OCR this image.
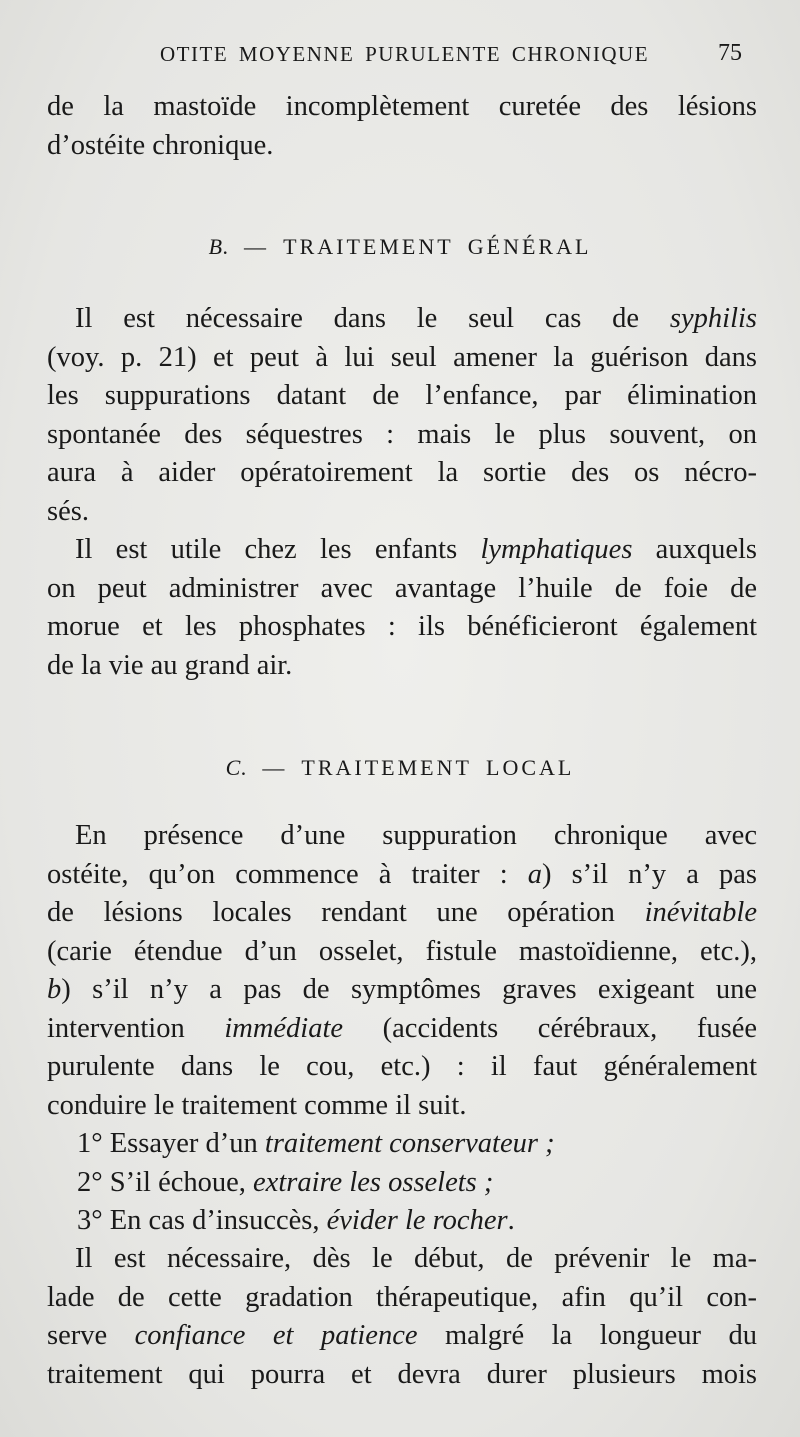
OTITE MOYENNE PURULENTE CHRONIQUE	75

de la mastoïde incomplètement curetée des lésions
d’ostéite chronique.

B. — TRAITEMENT GÉNÉRAL

Il est nécessaire dans le seul cas de syphilis
(voy. p. 21) et peut à lui seul amener la guérison dans
les suppurations datant de l’enfance, par élimination
spontanée des séquestres : mais le plus souvent, on
aura à aider opératoirement la sortie des os nécro-
sés.

Il est utile chez les enfants lymphatiques auxquels
on peut administrer avec avantage l’huile de foie de
morue et les phosphates : ils bénéficieront également
de la vie au grand air.

C. — TRAITEMENT LOCAL

En présence d’une suppuration chronique avec
ostéite, qu’on commence à traiter : a) s’il n’y a pas
de lésions locales rendant une opération inévitable
(carie étendue d’un osselet, fistule mastoïdienne, etc.),
b) s’il n’y a pas de symptômes graves exigeant une
intervention immédiate (accidents cérébraux, fusée
purulente dans le cou, etc.) : il faut généralement
conduire le traitement comme il suit.

1° Essayer d’un traitement conservateur ;
2° S’il échoue, extraire les osselets ;
3° En cas d’insuccès, évider le rocher.

Il est nécessaire, dès le début, de prévenir le ma-
lade de cette gradation thérapeutique, afin qu’il con-
serve confiance et patience malgré la longueur du
traitement qui pourra et devra durer plusieurs mois
